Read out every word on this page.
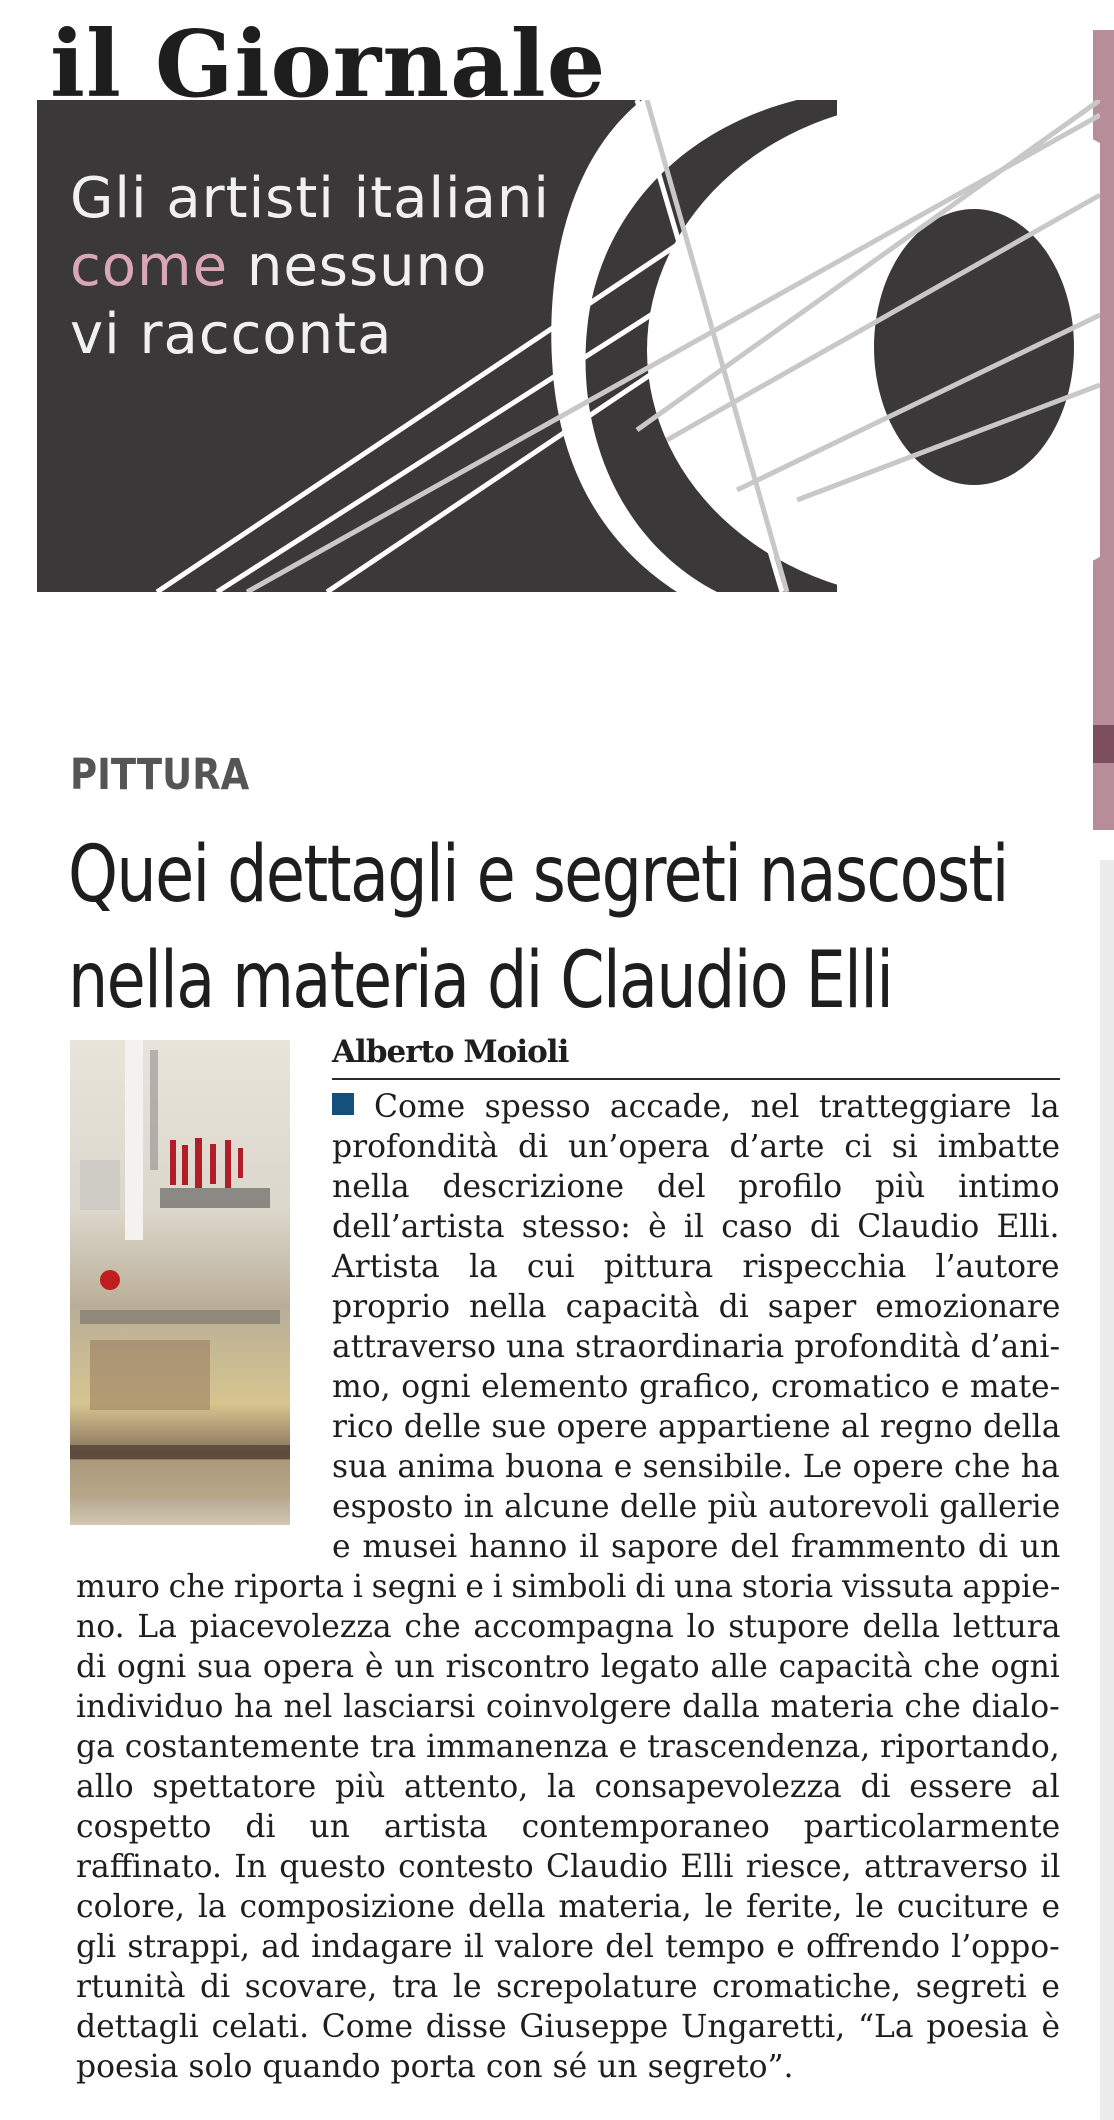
il Giornale
Gli artisti italiani
come nessuno
vi racconta
PITTURA
Quei dettagli e segreti nascosti
nella materia di Claudio Elli
Alberto Moioli
Come spesso accade, nel tratteggiare la
profondità di un’opera d’arte ci si imbatte
nella descrizione del profilo più intimo
dell’artista stesso: è il caso di Claudio Elli.
Artista la cui pittura rispecchia l’autore
proprio nella capacità di saper emozionare
attraverso una straordinaria profondità d’ani-
mo, ogni elemento grafico, cromatico e mate-
rico delle sue opere appartiene al regno della
sua anima buona e sensibile. Le opere che ha
esposto in alcune delle più autorevoli gallerie
e musei hanno il sapore del frammento di un
muro che riporta i segni e i simboli di una storia vissuta appie-
no. La piacevolezza che accompagna lo stupore della lettura
di ogni sua opera è un riscontro legato alle capacità che ogni
individuo ha nel lasciarsi coinvolgere dalla materia che dialo-
ga costantemente tra immanenza e trascendenza, riportando,
allo spettatore più attento, la consapevolezza di essere al
cospetto di un artista contemporaneo particolarmente
raffinato. In questo contesto Claudio Elli riesce, attraverso il
colore, la composizione della materia, le ferite, le cuciture e
gli strappi, ad indagare il valore del tempo e offrendo l’oppo-
rtunità di scovare, tra le screpolature cromatiche, segreti e
dettagli celati. Come disse Giuseppe Ungaretti, “La poesia è
poesia solo quando porta con sé un segreto”.
